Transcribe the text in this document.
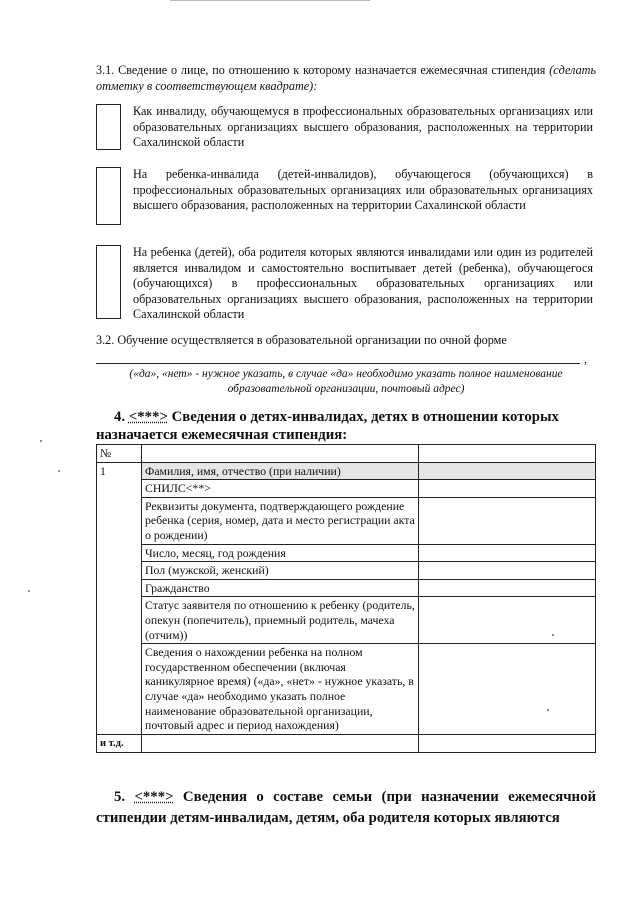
3.1. Сведение о лице, по отношению к которому назначается ежемесячная стипендия (сделать отметку в соответствующем квадрате):
Как инвалиду, обучающемуся в профессиональных образовательных организациях или образовательных организациях высшего образования, расположенных на территории Сахалинской области
На ребенка-инвалида (детей-инвалидов), обучающегося (обучающихся) в профессиональных образовательных организациях или образовательных организациях высшего образования, расположенных на территории Сахалинской области
На ребенка (детей), оба родителя которых являются инвалидами или один из родителей является инвалидом и самостоятельно воспитывает детей (ребенка), обучающегося (обучающихся) в профессиональных образовательных организациях или образовательных организациях высшего образования, расположенных на территории Сахалинской области
3.2. Обучение осуществляется в образовательной организации по очной форме
,
(«да», «нет» - нужное указать, в случае «да» необходимо указать полное наименование образовательной организации, почтовый адрес)
4. <***> Сведения о детях-инвалидах, детях в отношении которых назначается ежемесячная стипендия:
№		
1	Фамилия, имя, отчество (при наличии)	
	СНИЛС<**>	
	Реквизиты документа, подтверждающего рождение ребенка (серия, номер, дата и место регистрации акта о рождении)	
	Число, месяц, год рождения	
	Пол (мужской, женский)	
	Гражданство	
	Статус заявителя по отношению к ребенку (родитель, опекун (попечитель), приемный родитель, мачеха (отчим))	
	Сведения о нахождении ребенка на полном государственном обеспечении (включая каникулярное время) («да», «нет» - нужное указать, в случае «да» необходимо указать полное наименование образовательной организации, почтовый адрес и период нахождения)	
и т.д.		
5. <***> Сведения о составе семьи (при назначении ежемесячной стипендии детям-инвалидам, детям, оба родителя которых являются
